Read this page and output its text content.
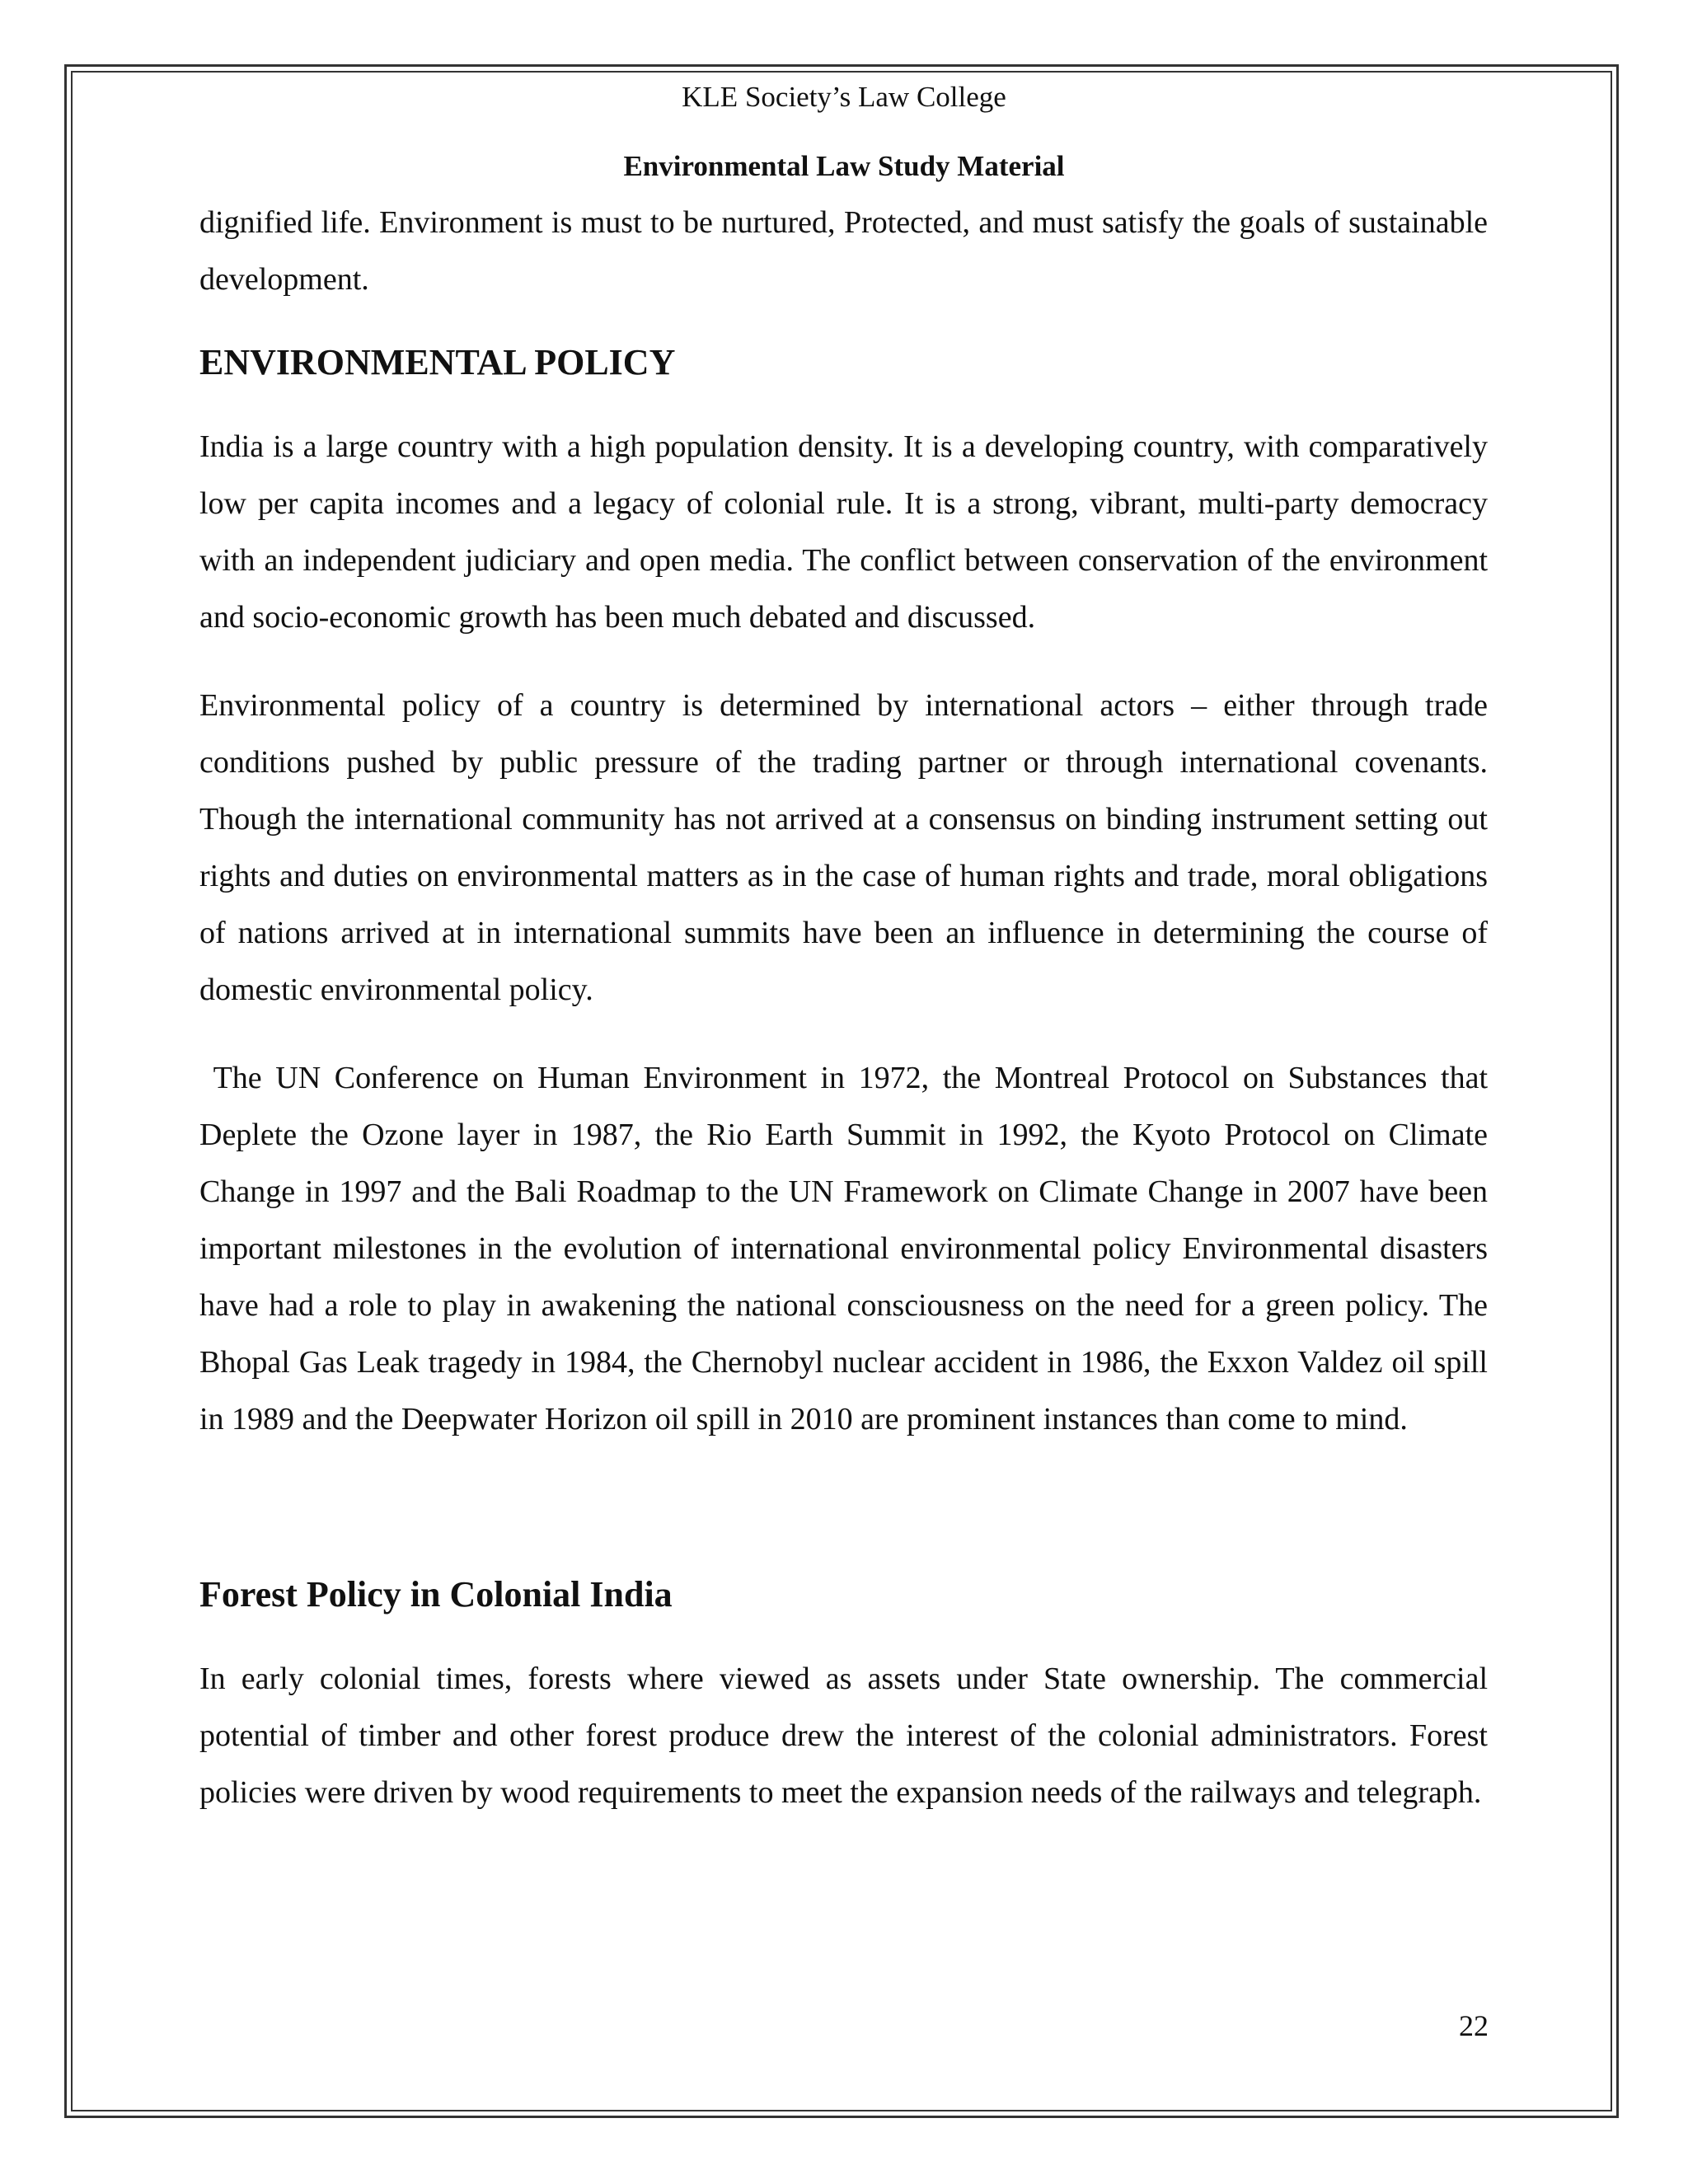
KLE Society’s Law College
Environmental Law Study Material

dignified life. Environment is must to be nurtured, Protected, and must satisfy the goals of sustainable development.

ENVIRONMENTAL POLICY

India is a large country with a high population density. It is a developing country, with comparatively low per capita incomes and a legacy of colonial rule. It is a strong, vibrant, multi-party democracy with an independent judiciary and open media. The conflict between conservation of the environment and socio-economic growth has been much debated and discussed.

Environmental policy of a country is determined by international actors – either through trade conditions pushed by public pressure of the trading partner or through international covenants. Though the international community has not arrived at a consensus on binding instrument setting out rights and duties on environmental matters as in the case of human rights and trade, moral obligations of nations arrived at in international summits have been an influence in determining the course of domestic environmental policy.

The UN Conference on Human Environment in 1972, the Montreal Protocol on Substances that Deplete the Ozone layer in 1987, the Rio Earth Summit in 1992, the Kyoto Protocol on Climate Change in 1997 and the Bali Roadmap to the UN Framework on Climate Change in 2007 have been important milestones in the evolution of international environmental policy Environmental disasters have had a role to play in awakening the national consciousness on the need for a green policy. The Bhopal Gas Leak tragedy in 1984, the Chernobyl nuclear accident in 1986, the Exxon Valdez oil spill in 1989 and the Deepwater Horizon oil spill in 2010 are prominent instances than come to mind.

Forest Policy in Colonial India

In early colonial times, forests where viewed as assets under State ownership. The commercial potential of timber and other forest produce drew the interest of the colonial administrators. Forest policies were driven by wood requirements to meet the expansion needs of the railways and telegraph.

22
